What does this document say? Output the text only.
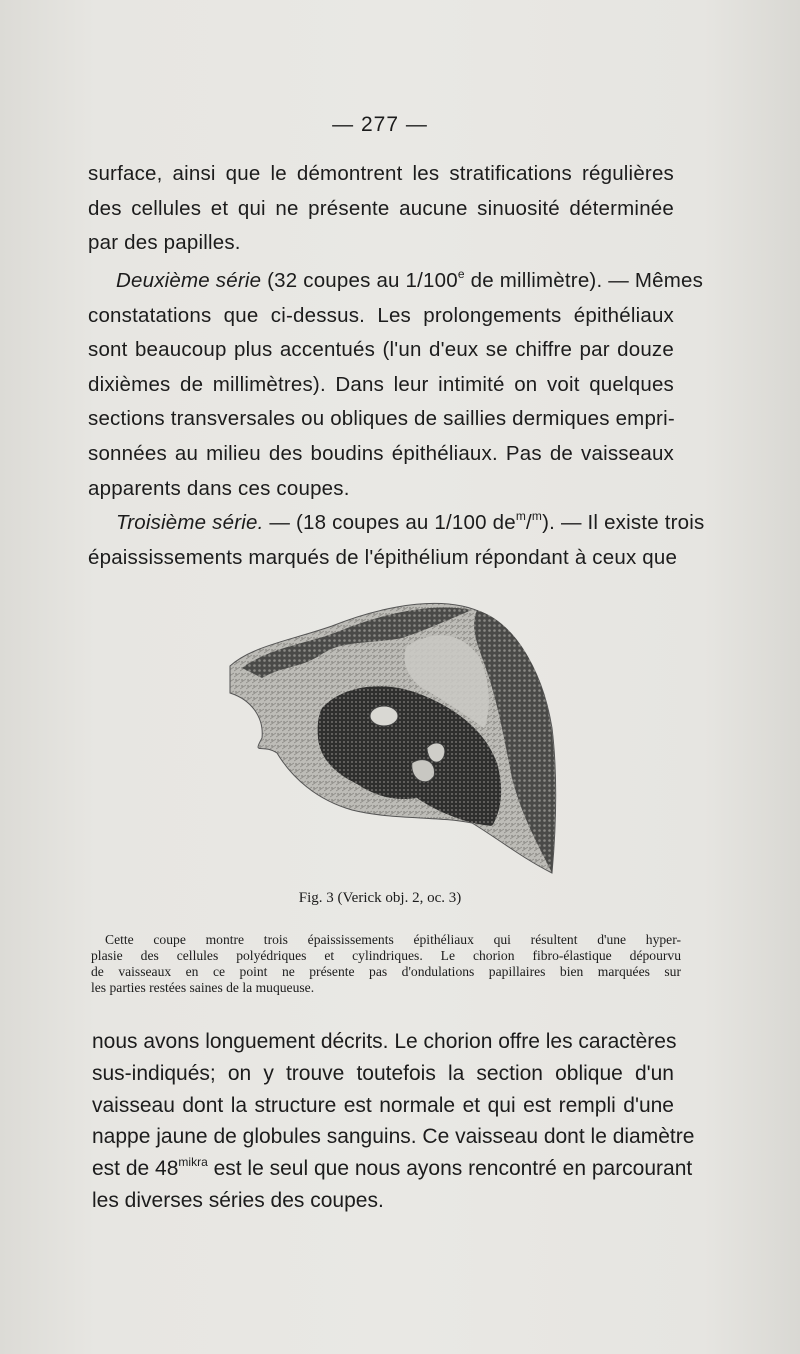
— 277 —
surface, ainsi que le démontrent les stratifications régulières
des cellules et qui ne présente aucune sinuosité déterminée
par des papilles.
Deuxième série (32 coupes au 1/100e de millimètre). — Mêmes
constatations que ci-dessus. Les prolongements épithéliaux
sont beaucoup plus accentués (l'un d'eux se chiffre par douze
dixièmes de millimètres). Dans leur intimité on voit quelques
sections transversales ou obliques de saillies dermiques empri-
sonnées au milieu des boudins épithéliaux. Pas de vaisseaux
apparents dans ces coupes.
Troisième série. — (18 coupes au 1/100 $de^m/^m$). — Il existe trois
épaississements marqués de l'épithélium répondant à ceux que
Fig. 3 (Verick obj. 2, oc. 3)
Cette coupe montre trois épaississements épithéliaux qui résultent d'une hyper-
plasie des cellules polyédriques et cylindriques. Le chorion fibro-élastique dépourvu
de vaisseaux en ce point ne présente pas d'ondulations papillaires bien marquées sur
les parties restées saines de la muqueuse.
nous avons longuement décrits. Le chorion offre les caractères
sus-indiqués; on y trouve toutefois la section oblique d'un
vaisseau dont la structure est normale et qui est rempli d'une
nappe jaune de globules sanguins. Ce vaisseau dont le diamètre
est de $48^{mikra}$ est le seul que nous ayons rencontré en parcourant
les diverses séries des coupes.
